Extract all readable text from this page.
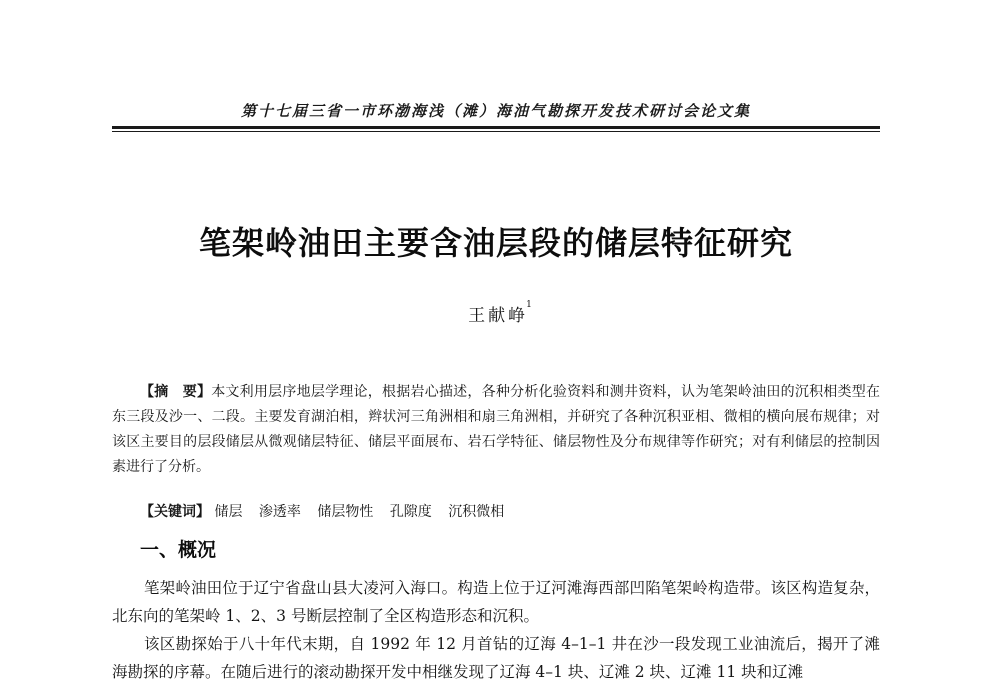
第十七届三省一市环渤海浅（滩）海油气勘探开发技术研讨会论文集
笔架岭油田主要含油层段的储层特征研究
王献峥$^1$
【摘　要】本文利用层序地层学理论，根据岩心描述，各种分析化验资料和测井资料，认为笔架岭油田的沉积相类型在东三段及沙一、二段。主要发育湖泊相，辫状河三角洲相和扇三角洲相，并研究了各种沉积亚相、微相的横向展布规律；对该区主要目的层段储层从微观储层特征、储层平面展布、岩石学特征、储层物性及分布规律等作研究；对有利储层的控制因素进行了分析。
【关键词】 储层 渗透率 储层物性 孔隙度 沉积微相
一、概况

笔架岭油田位于辽宁省盘山县大凌河入海口。构造上位于辽河滩海西部凹陷笔架岭构造带。该区构造复杂，北东向的笔架岭 1、2、3 号断层控制了全区构造形态和沉积。

该区勘探始于八十年代末期，自 1992 年 12 月首钻的辽海 4–1–1 井在沙一段发现工业油流后，揭开了滩海勘探的序幕。在随后进行的滚动勘探开发中相继发现了辽海 4–1 块、辽滩 2 块、辽滩 11 块和辽滩
